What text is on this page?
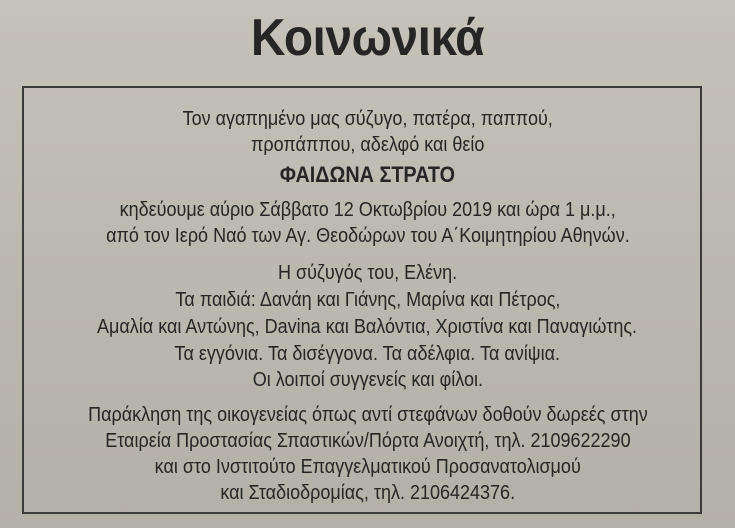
Κοινωνικά
Τον αγαπημένο μας σύζυγο, πατέρα, παππού,
προπάππου, αδελφό και θείο
ΦΑΙΔΩΝΑ ΣΤΡΑΤΟ
κηδεύουμε αύριο Σάββατο 12 Οκτωβρίου 2019 και ώρα 1 μ.μ.,
από τον Ιερό Ναό των Αγ. Θεοδώρων του Α΄Κοιμητηρίου Αθηνών.
Η σύζυγός του, Ελένη.
Τα παιδιά: Δανάη και Γιάνης, Μαρίνα και Πέτρος,
Αμαλία και Αντώνης, Davina και Βαλόντια, Χριστίνα και Παναγιώτης.
Τα εγγόνια. Τα δισέγγονα. Τα αδέλφια. Τα ανίψια.
Οι λοιποί συγγενείς και φίλοι.
Παράκληση της οικογενείας όπως αντί στεφάνων δοθούν δωρεές στην
Εταιρεία Προστασίας Σπαστικών/Πόρτα Ανοιχτή, τηλ. 2109622290
και στο Ινστιτούτο Επαγγελματικού Προσανατολισμού
και Σταδιοδρομίας, τηλ. 2106424376.
